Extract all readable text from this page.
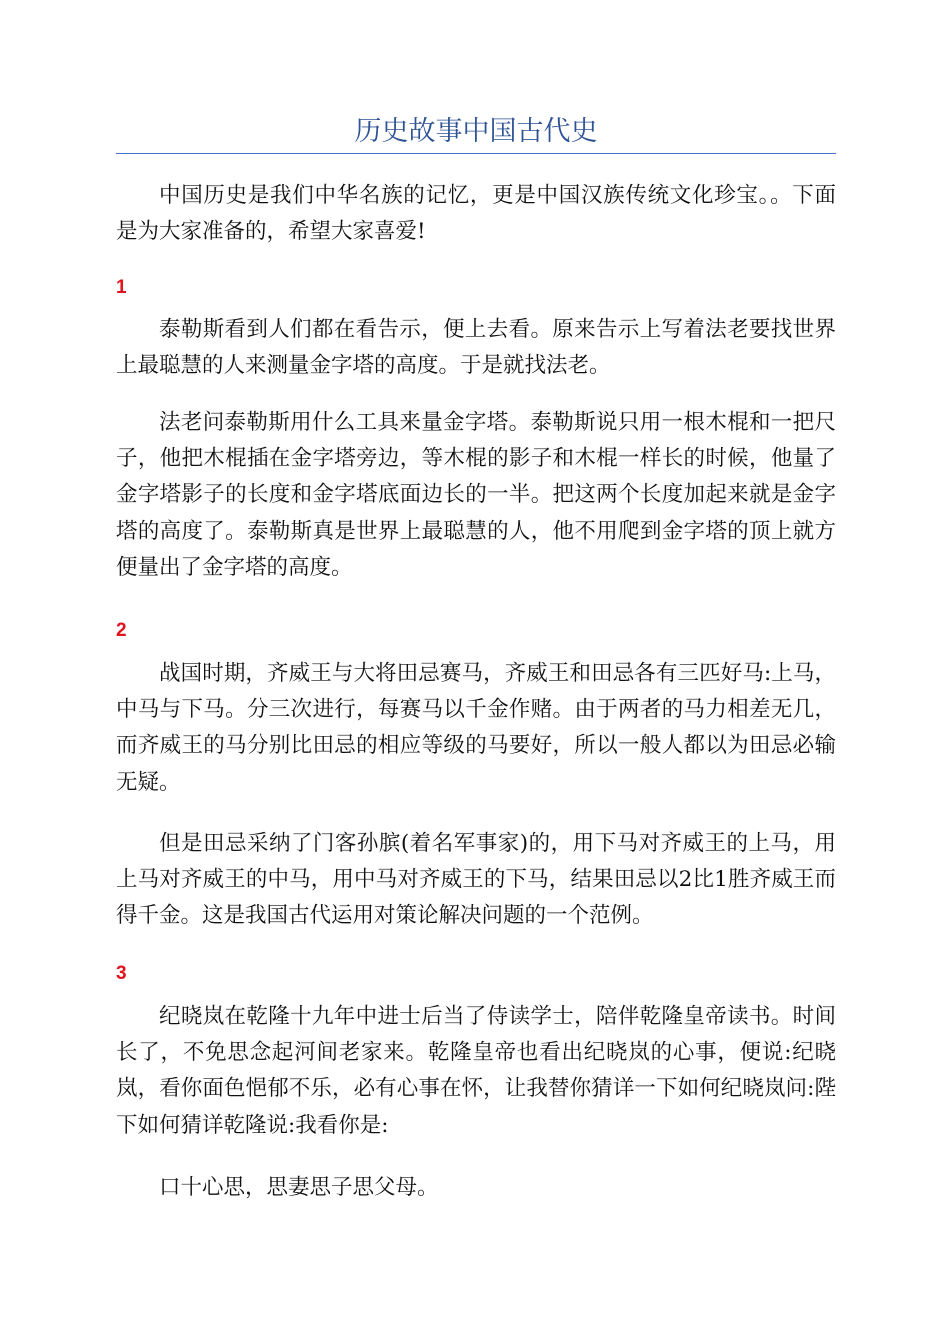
历史故事中国古代史

中国历史是我们中华名族的记忆，更是中国汉族传统文化珍宝。。下面是为大家准备的，希望大家喜爱!

1

泰勒斯看到人们都在看告示，便上去看。原来告示上写着法老要找世界上最聪慧的人来测量金字塔的高度。于是就找法老。

法老问泰勒斯用什么工具来量金字塔。泰勒斯说只用一根木棍和一把尺子，他把木棍插在金字塔旁边，等木棍的影子和木棍一样长的时候，他量了金字塔影子的长度和金字塔底面边长的一半。把这两个长度加起来就是金字塔的高度了。泰勒斯真是世界上最聪慧的人，他不用爬到金字塔的顶上就方便量出了金字塔的高度。

2

战国时期，齐威王与大将田忌赛马，齐威王和田忌各有三匹好马:上马，中马与下马。分三次进行，每赛马以千金作赌。由于两者的马力相差无几，而齐威王的马分别比田忌的相应等级的马要好，所以一般人都以为田忌必输无疑。

但是田忌采纳了门客孙膑(着名军事家)的，用下马对齐威王的上马，用上马对齐威王的中马，用中马对齐威王的下马，结果田忌以2比1胜齐威王而得千金。这是我国古代运用对策论解决问题的一个范例。

3

纪晓岚在乾隆十九年中进士后当了侍读学士，陪伴乾隆皇帝读书。时间长了，不免思念起河间老家来。乾隆皇帝也看出纪晓岚的心事，便说:纪晓岚，看你面色悒郁不乐，必有心事在怀，让我替你猜详一下如何纪晓岚问:陛下如何猜详乾隆说:我看你是:

口十心思，思妻思子思父母。
